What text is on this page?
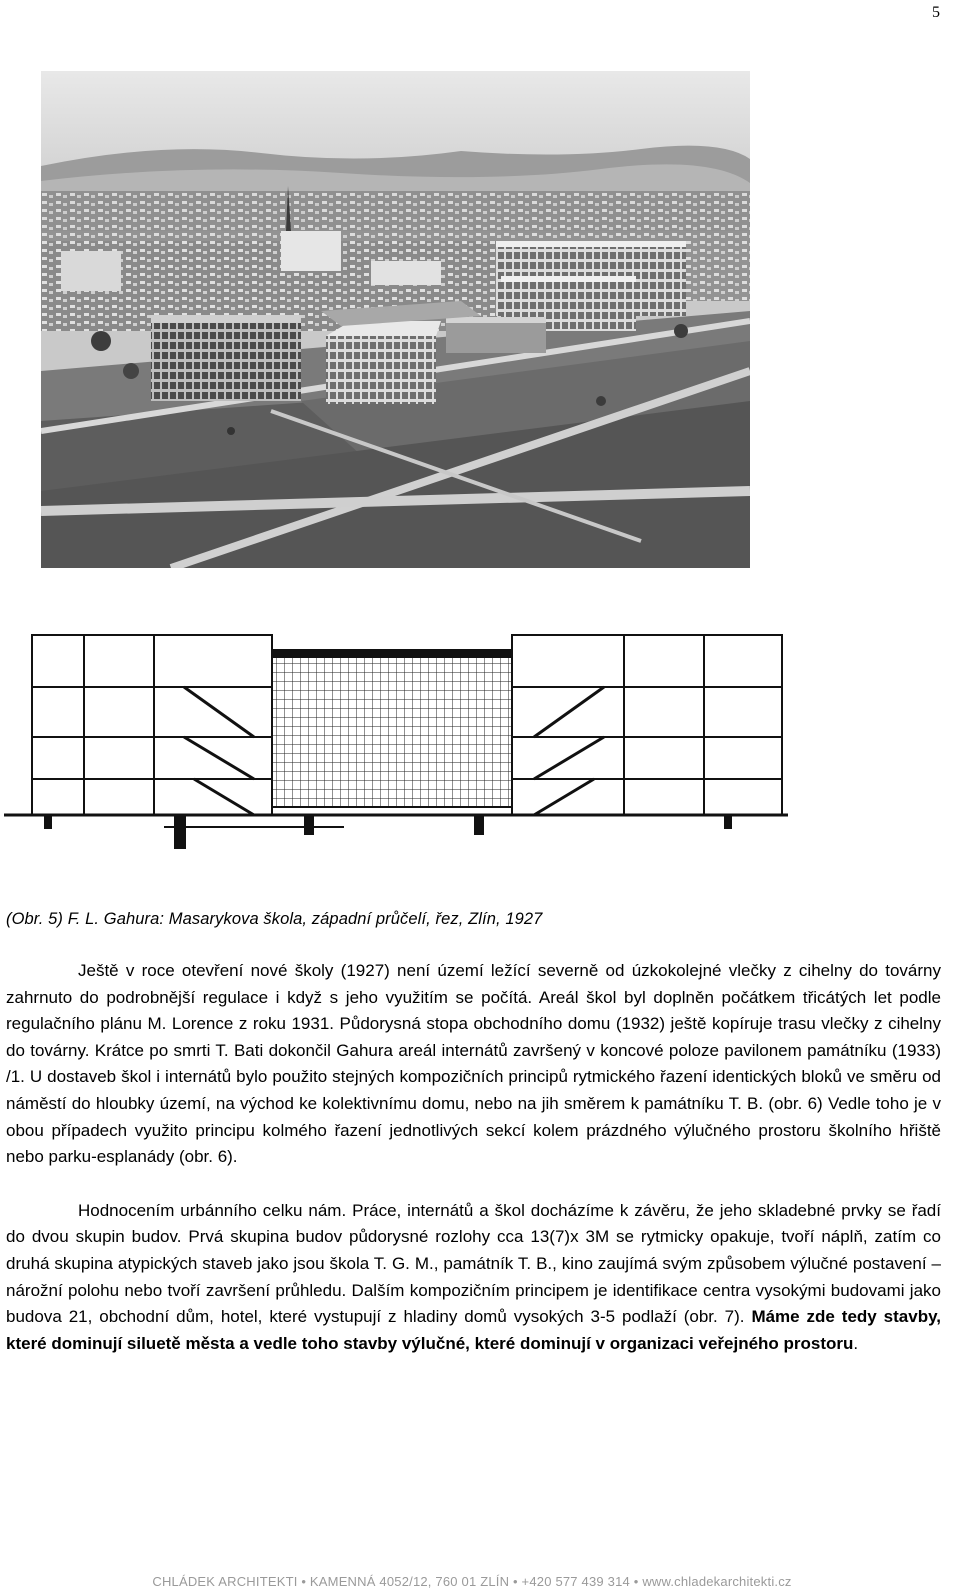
5
(Obr. 5) F. L. Gahura: Masarykova škola, západní průčelí, řez, Zlín, 1927

Ještě v roce otevření nové školy (1927) není území ležící severně od úzkokolejné vlečky z cihelny do továrny zahrnuto do podrobnější regulace i když s jeho využitím se počítá. Areál škol byl doplněn počátkem třicátých let podle regulačního plánu M. Lorence z roku 1931. Půdorysná stopa obchodního domu (1932) ještě kopíruje trasu vlečky z cihelny do továrny. Krátce po smrti T. Bati dokončil Gahura areál internátů završený v koncové poloze pavilonem památníku (1933) /1. U dostaveb škol i internátů bylo použito stejných kompozičních principů rytmického řazení identických bloků ve směru od náměstí do hloubky území, na východ ke kolektivnímu domu, nebo na jih směrem k památníku T. B. (obr. 6) Vedle toho je v obou případech využito principu kolmého řazení jednotlivých sekcí kolem prázdného výlučného prostoru školního hřiště nebo parku-esplanády (obr. 6).

Hodnocením urbánního celku nám. Práce, internátů a škol docházíme k závěru, že jeho skladebné prvky se řadí do dvou skupin budov. Prvá skupina budov půdorysné rozlohy cca 13(7)x 3M se rytmicky opakuje, tvoří náplň, zatím co druhá skupina atypických staveb jako jsou škola T. G. M., památník T. B., kino zaujímá svým způsobem výlučné postavení – nárožní polohu nebo tvoří završení průhledu. Dalším kompozičním principem je identifikace centra vysokými budovami jako budova 21, obchodní dům, hotel, které vystupují z hladiny domů vysokých 3-5 podlaží (obr. 7). Máme zde tedy stavby, které dominují siluetě města a vedle toho stavby výlučné, které dominují v organizaci veřejného prostoru.

CHLÁDEK ARCHITEKTI • KAMENNÁ 4052/12, 760 01 ZLÍN • +420 577 439 314 • www.chladekarchitekti.cz
